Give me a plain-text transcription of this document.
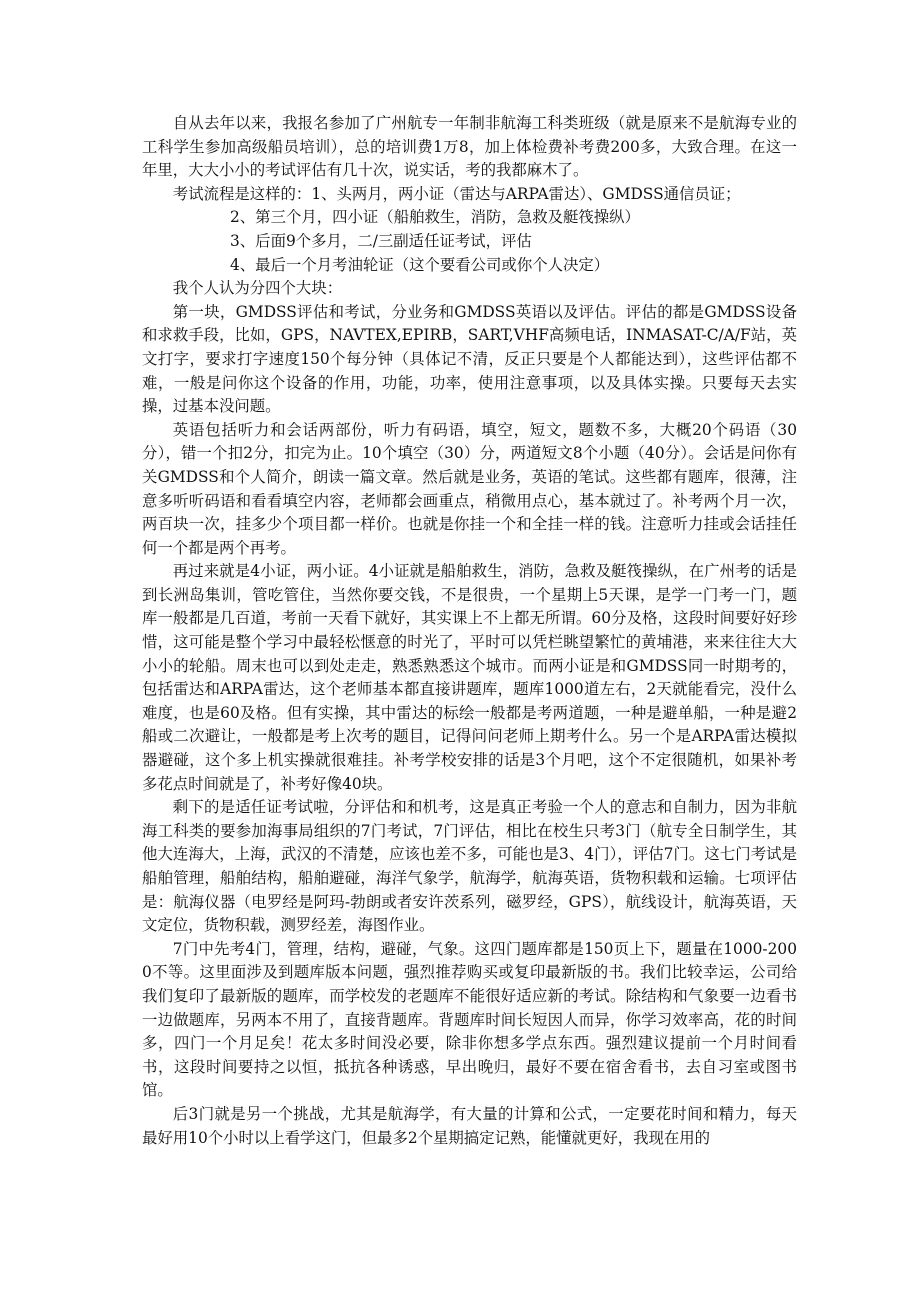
自从去年以来，我报名参加了广州航专一年制非航海工科类班级（就是原来不是航海专业的工科学生参加高级船员培训），总的培训费1万8，加上体检费补考费200多，大致合理。在这一年里，大大小小的考试评估有几十次，说实话，考的我都麻木了。

考试流程是这样的：1、头两月，两小证（雷达与ARPA雷达）、GMDSS通信员证；

2、第三个月，四小证（船舶救生，消防，急救及艇筏操纵）

3、后面9个多月，二/三副适任证考试，评估

4、最后一个月考油轮证（这个要看公司或你个人决定）

我个人认为分四个大块：

第一块，GMDSS评估和考试，分业务和GMDSS英语以及评估。评估的都是GMDSS设备和求救手段，比如，GPS，NAVTEX,EPIRB，SART,VHF高频电话，INMASAT-C/A/F站，英文打字，要求打字速度150个每分钟（具体记不清，反正只要是个人都能达到），这些评估都不难，一般是问你这个设备的作用，功能，功率，使用注意事项，以及具体实操。只要每天去实操，过基本没问题。

英语包括听力和会话两部份，听力有码语，填空，短文，题数不多，大概20个码语（30分），错一个扣2分，扣完为止。10个填空（30）分，两道短文8个小题（40分）。会话是问你有关GMDSS和个人简介，朗读一篇文章。然后就是业务，英语的笔试。这些都有题库，很薄，注意多听听码语和看看填空内容，老师都会画重点，稍微用点心，基本就过了。补考两个月一次，两百块一次，挂多少个项目都一样价。也就是你挂一个和全挂一样的钱。注意听力挂或会话挂任何一个都是两个再考。

再过来就是4小证，两小证。4小证就是船舶救生，消防，急救及艇筏操纵，在广州考的话是到长洲岛集训，管吃管住，当然你要交钱，不是很贵，一个星期上5天课，是学一门考一门，题库一般都是几百道，考前一天看下就好，其实课上不上都无所谓。60分及格，这段时间要好好珍惜，这可能是整个学习中最轻松惬意的时光了，平时可以凭栏眺望繁忙的黄埔港，来来往往大大小小的轮船。周末也可以到处走走，熟悉熟悉这个城市。而两小证是和GMDSS同一时期考的，包括雷达和ARPA雷达，这个老师基本都直接讲题库，题库1000道左右，2天就能看完，没什么难度，也是60及格。但有实操，其中雷达的标绘一般都是考两道题，一种是避单船，一种是避2船或二次避让，一般都是考上次考的题目，记得问问老师上期考什么。另一个是ARPA雷达模拟器避碰，这个多上机实操就很难挂。补考学校安排的话是3个月吧，这个不定很随机，如果补考多花点时间就是了，补考好像40块。

剩下的是适任证考试啦，分评估和和机考，这是真正考验一个人的意志和自制力，因为非航海工科类的要参加海事局组织的7门考试，7门评估，相比在校生只考3门（航专全日制学生，其他大连海大，上海，武汉的不清楚，应该也差不多，可能也是3、4门），评估7门。这七门考试是 船舶管理，船舶结构，船舶避碰，海洋气象学，航海学，航海英语，货物积载和运输。七项评估是：航海仪器（电罗经是阿玛-勃朗或者安许茨系列，磁罗经，GPS），航线设计，航海英语，天文定位，货物积载，测罗经差，海图作业。

7门中先考4门，管理，结构，避碰，气象。这四门题库都是150页上下，题量在1000-2000不等。这里面涉及到题库版本问题，强烈推荐购买或复印最新版的书。我们比较幸运，公司给我们复印了最新版的题库，而学校发的老题库不能很好适应新的考试。除结构和气象要一边看书一边做题库，另两本不用了，直接背题库。背题库时间长短因人而异，你学习效率高，花的时间多，四门一个月足矣！花太多时间没必要，除非你想多学点东西。强烈建议提前一个月时间看书，这段时间要持之以恒，抵抗各种诱惑，早出晚归，最好不要在宿舍看书，去自习室或图书馆。

后3门就是另一个挑战，尤其是航海学，有大量的计算和公式，一定要花时间和精力，每天最好用10个小时以上看学这门，但最多2个星期搞定记熟，能懂就更好，我现在用的
